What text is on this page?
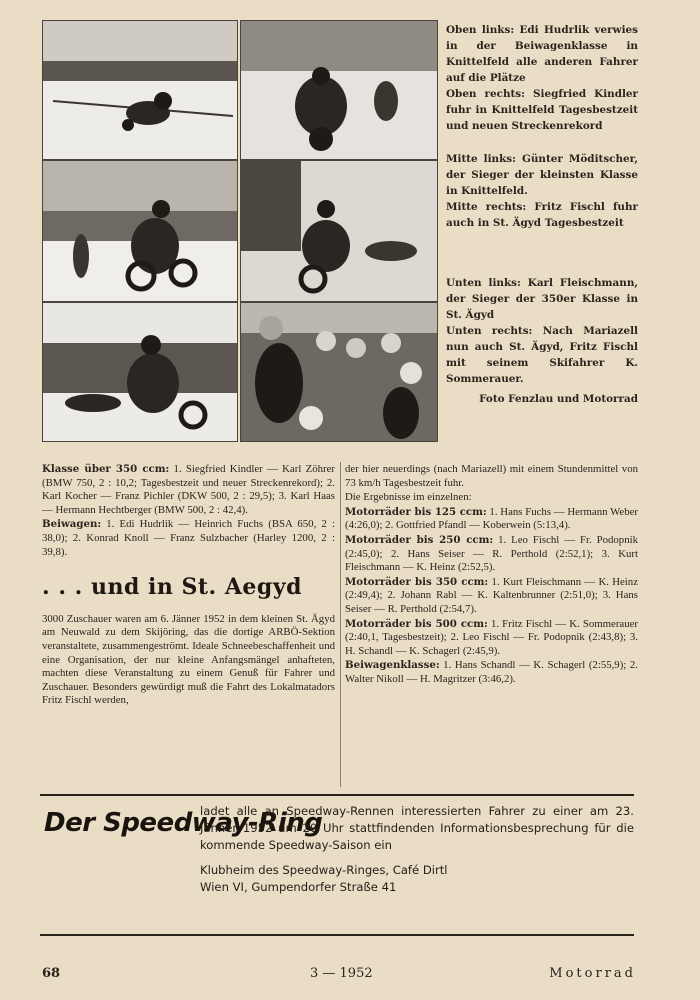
Oben links: Edi Hudrlik verwies in der Beiwagenklasse in Knittelfeld alle anderen Fahrer auf die Plätze

Oben rechts: Siegfried Kindler fuhr in Knittelfeld Tagesbestzeit und neuen Streckenrekord

Mitte links: Günter Möditscher, der Sieger der kleinsten Klasse in Knittelfeld.

Mitte rechts: Fritz Fischl fuhr auch in St. Ägyd Tagesbestzeit

Unten links: Karl Fleischmann, der Sieger der 350er Klasse in St. Ägyd

Unten rechts: Nach Mariazell nun auch St. Ägyd, Fritz Fischl mit seinem Skifahrer K. Sommerauer.

Foto Fenzlau und Motorrad

Klasse über 350 ccm: 1. Siegfried Kindler — Karl Zöhrer (BMW 750, 2 : 10,2; Tagesbestzeit und neuer Streckenrekord); 2. Karl Kocher — Franz Pichler (DKW 500, 2 : 29,5); 3. Karl Haas — Hermann Hechtberger (BMW 500, 2 : 42,4).

Beiwagen: 1. Edi Hudrlik — Heinrich Fuchs (BSA 650, 2 : 38,0); 2. Konrad Knoll — Franz Sulzbacher (Harley 1200, 2 : 39,8).

. . . und in St. Aegyd

3000 Zuschauer waren am 6. Jänner 1952 in dem kleinen St. Ägyd am Neuwald zu dem Skijöring, das die dortige ARBÖ-Sektion veranstaltete, zusammengeströmt. Ideale Schneebeschaffenheit und eine Organisation, der nur kleine Anfangsmängel anhafteten, machten diese Veranstaltung zu einem Genuß für Fahrer und Zuschauer. Besonders gewürdigt muß die Fahrt des Lokalmatadors Fritz Fischl werden,

der hier neuerdings (nach Mariazell) mit einem Stundenmittel von 73 km/h Tagesbestzeit fuhr.

Die Ergebnisse im einzelnen:

Motorräder bis 125 ccm: 1. Hans Fuchs — Hermann Weber (4:26,0); 2. Gottfried Pfandl — Koberwein (5:13,4).

Motorräder bis 250 ccm: 1. Leo Fischl — Fr. Podopnik (2:45,0); 2. Hans Seiser — R. Perthold (2:52,1); 3. Kurt Fleischmann — K. Heinz (2:52,5).

Motorräder bis 350 ccm: 1. Kurt Fleischmann — K. Heinz (2:49,4); 2. Johann Rabl — K. Kaltenbrunner (2:51,0); 3. Hans Seiser — R. Perthold (2:54,7).

Motorräder bis 500 ccm: 1. Fritz Fischl — K. Sommerauer (2:40,1, Tagesbestzeit); 2. Leo Fischl — Fr. Podopnik (2:43,8); 3. H. Schandl — K. Schagerl (2:45,9).

Beiwagenklasse: 1. Hans Schandl — K. Schagerl (2:55,9); 2. Walter Nikoll — H. Magritzer (3:46,2).

Der Speedway-Ring

ladet alle an Speedway-Rennen interessierten Fahrer zu einer am 23. Jänner 1952 um 20 Uhr stattfindenden Informationsbesprechung für die kommende Speedway-Saison ein

Klubheim des Speedway-Ringes, Café Dirtl

Wien VI, Gumpendorfer Straße 41

68	3 — 1952	Motorrad
